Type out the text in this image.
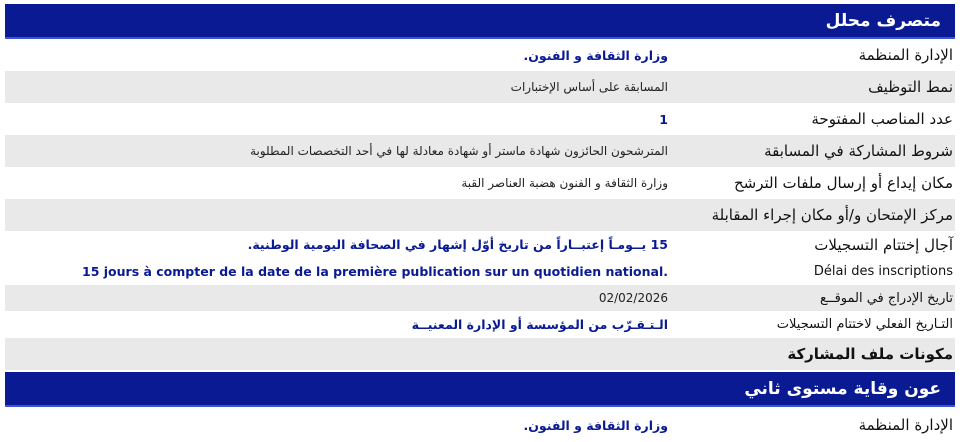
متصرف محلل
الإدارة المنظمة
وزارة الثقافة و الفنون.
نمط التوظيف
المسابقة على أساس الإختبارات
عدد المناصب المفتوحة
1
شروط المشاركة في المسابقة
المترشحون الحائزون شهادة ماستر أو شهادة معادلة لها في أحد التخصصات المطلوبة
مكان إيداع أو إرسال ملفات الترشح
وزارة الثقافة و الفنون هضبة العناصر القبة
مركز الإمتحان و/أو مكان إجراء المقابلة
آجال إختتام التسجيلات
15 يــومـاً إعتبــاراً من تاريخ أوّل إشهار في الصحافة اليومية الوطنية.
Délai des inscriptions
15 jours à compter de la date de la première publication sur un quotidien national.
تاريخ الإدراج في الموقــع
02/02/2026
التـاريخ الفعلي لاختتام التسجيلات
الـتـقـرّب من المؤسسة أو الإدارة المعنيــة
مكونات ملف المشاركة
عون وقاية مستوى ثاني
الإدارة المنظمة
وزارة الثقافة و الفنون.
